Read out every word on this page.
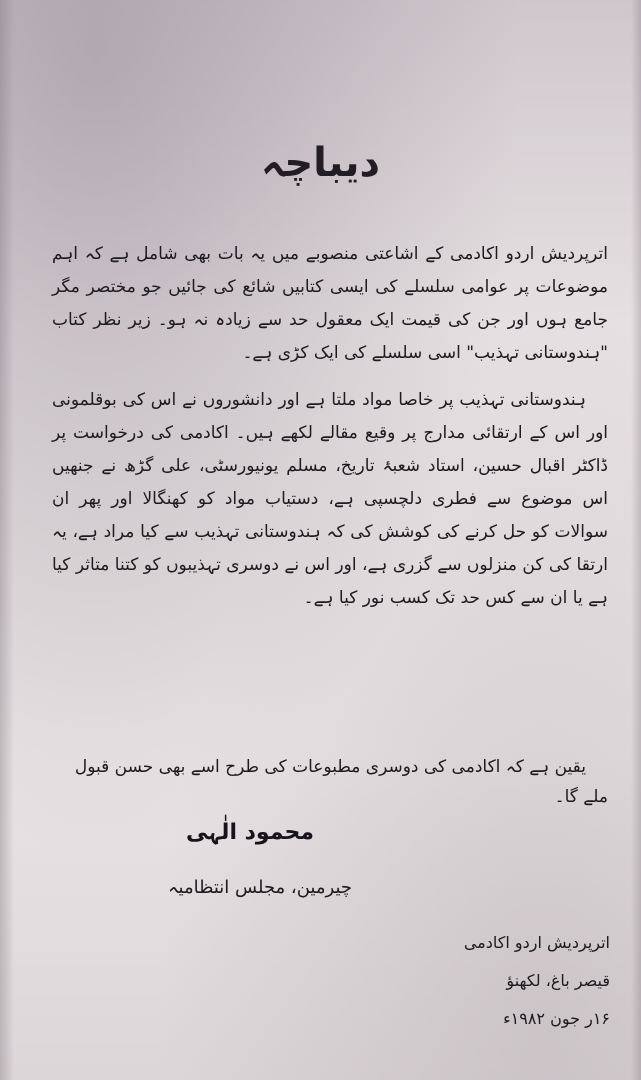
دیباچہ

اترپردیش اردو اکادمی کے اشاعتی منصوبے میں یہ بات بھی شامل ہے کہ اہم موضوعات پر عوامی سلسلے کی ایسی کتابیں شائع کی جائیں جو مختصر مگر جامع ہوں اور جن کی قیمت ایک معقول حد سے زیادہ نہ ہو۔ زیر نظر کتاب "ہندوستانی تہذیب" اسی سلسلے کی ایک کڑی ہے۔

ہندوستانی تہذیب پر خاصا مواد ملتا ہے اور دانشوروں نے اس کی بوقلمونی اور اس کے ارتقائی مدارج پر وقیع مقالے لکھے ہیں۔ اکادمی کی درخواست پر ڈاکٹر اقبال حسین، استاد شعبۂ تاریخ، مسلم یونیورسٹی، علی گڑھ نے جنھیں اس موضوع سے فطری دلچسپی ہے، دستیاب مواد کو کھنگالا اور پھر ان سوالات کو حل کرنے کی کوشش کی کہ ہندوستانی تہذیب سے کیا مراد ہے، یہ ارتقا کی کن منزلوں سے گزری ہے، اور اس نے دوسری تہذیبوں کو کتنا متاثر کیا ہے یا ان سے کس حد تک کسب نور کیا ہے۔

یقین ہے کہ اکادمی کی دوسری مطبوعات کی طرح اسے بھی حسن قبول ملے گا۔
محمود الٰہی
چیرمین، مجلس انتظامیہ
اترپردیش اردو اکادمی
قیصر باغ، لکھنؤ
۱۶ر جون ۱۹۸۲ء
